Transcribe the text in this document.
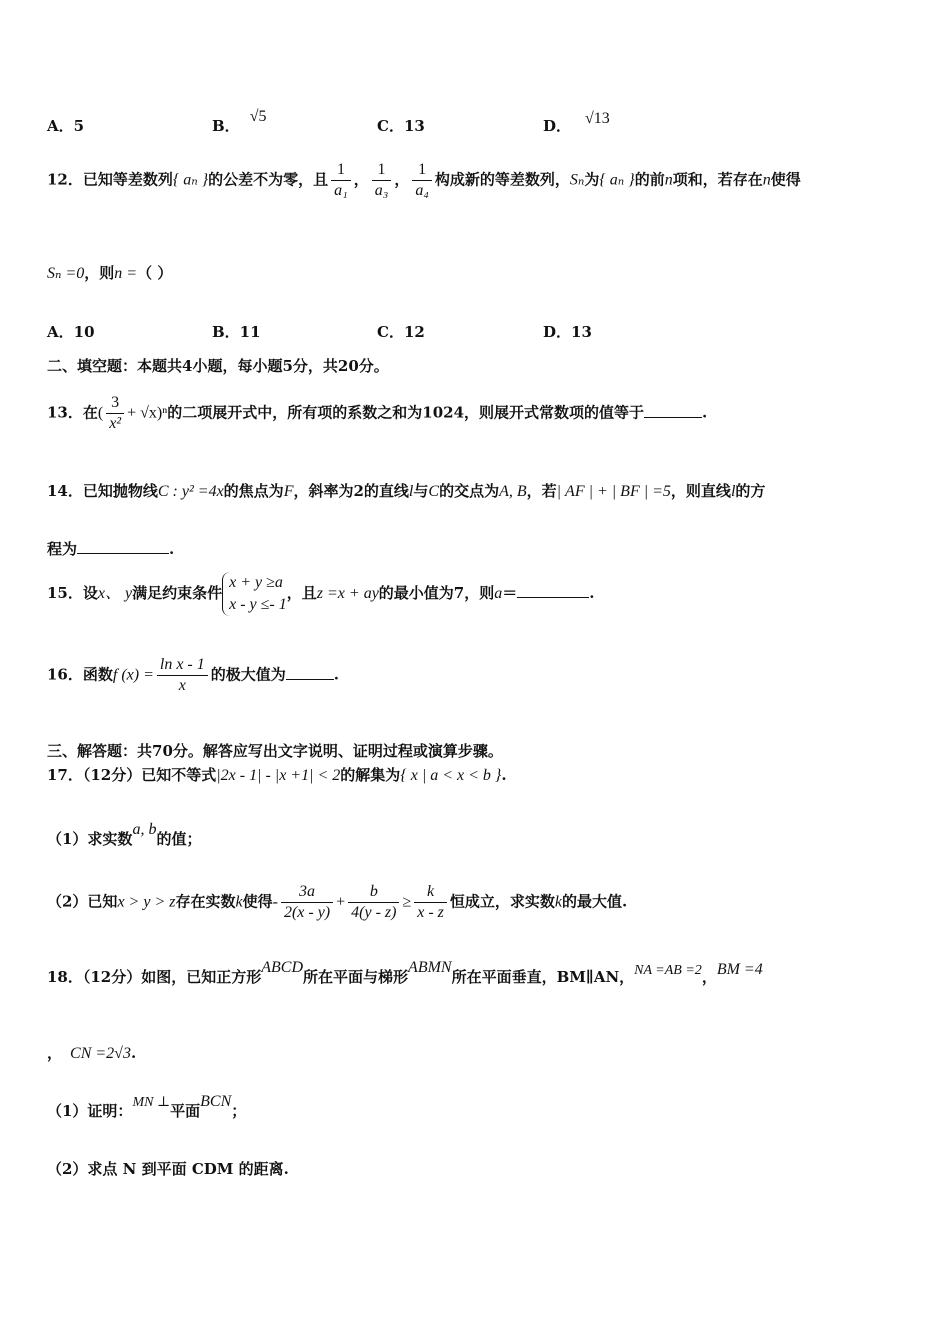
A．5	B．√5
C．13	D． √13
12．已知等差数列{ aₙ }的公差不为零，且 $\frac{1}{\text{a₁}}$ ， $\frac{1}{\text{a₃}}$ ， $\frac{1}{\text{a₄}}$ 构成新的等差数列，Sₙ为{ aₙ }的前n项和，若存在n使得
Sₙ =0，则n =（ ）
A．10	B．11	C．12	D．13
二、填空题：本题共4小题，每小题5分，共20分。
13．在( $\frac{3}{\text{x²}} + √x)^n$的二项展开式中，所有项的系数之和为1024，则展开式常数项的值等于	.
14．已知抛物线C : y² =4x的焦点为F，斜率为2的直线l与C的交点为A, B，若| AF | + | BF | =5，则直线l的方
程为	.
15．设x、 y满足约束条件
x + y ≥a
x - y ≤- 1
，且z =x + ay的最小值为7，则a＝	.
16．函数f $(x) = \frac{\text{ln x - 1}}{x}$ 的极大值为	.
三、解答题：共70分。解答应写出文字说明、证明过程或演算步骤。
17．（12分）已知不等式|2x - 1| - |x +1| < 2的解集为{ x | a < x < b }.
（1）求实数a, b的值；
（2）已知x > y > z存在实数k使得- $\frac{3a}{2(x - y)} + \frac{b}{4(y - z)} \ge \frac{k}{x - z}$ 恒成立，求实数k的最大值.
18．（12分）如图，已知正方形ABCD所在平面与梯形ABMN所在平面垂直，BM∥AN，NA =AB =2，BM =4
， CN =2√3.
（1）证明：MN ⊥平面BCN；
（2）求点 N 到平面 CDM 的距离.
